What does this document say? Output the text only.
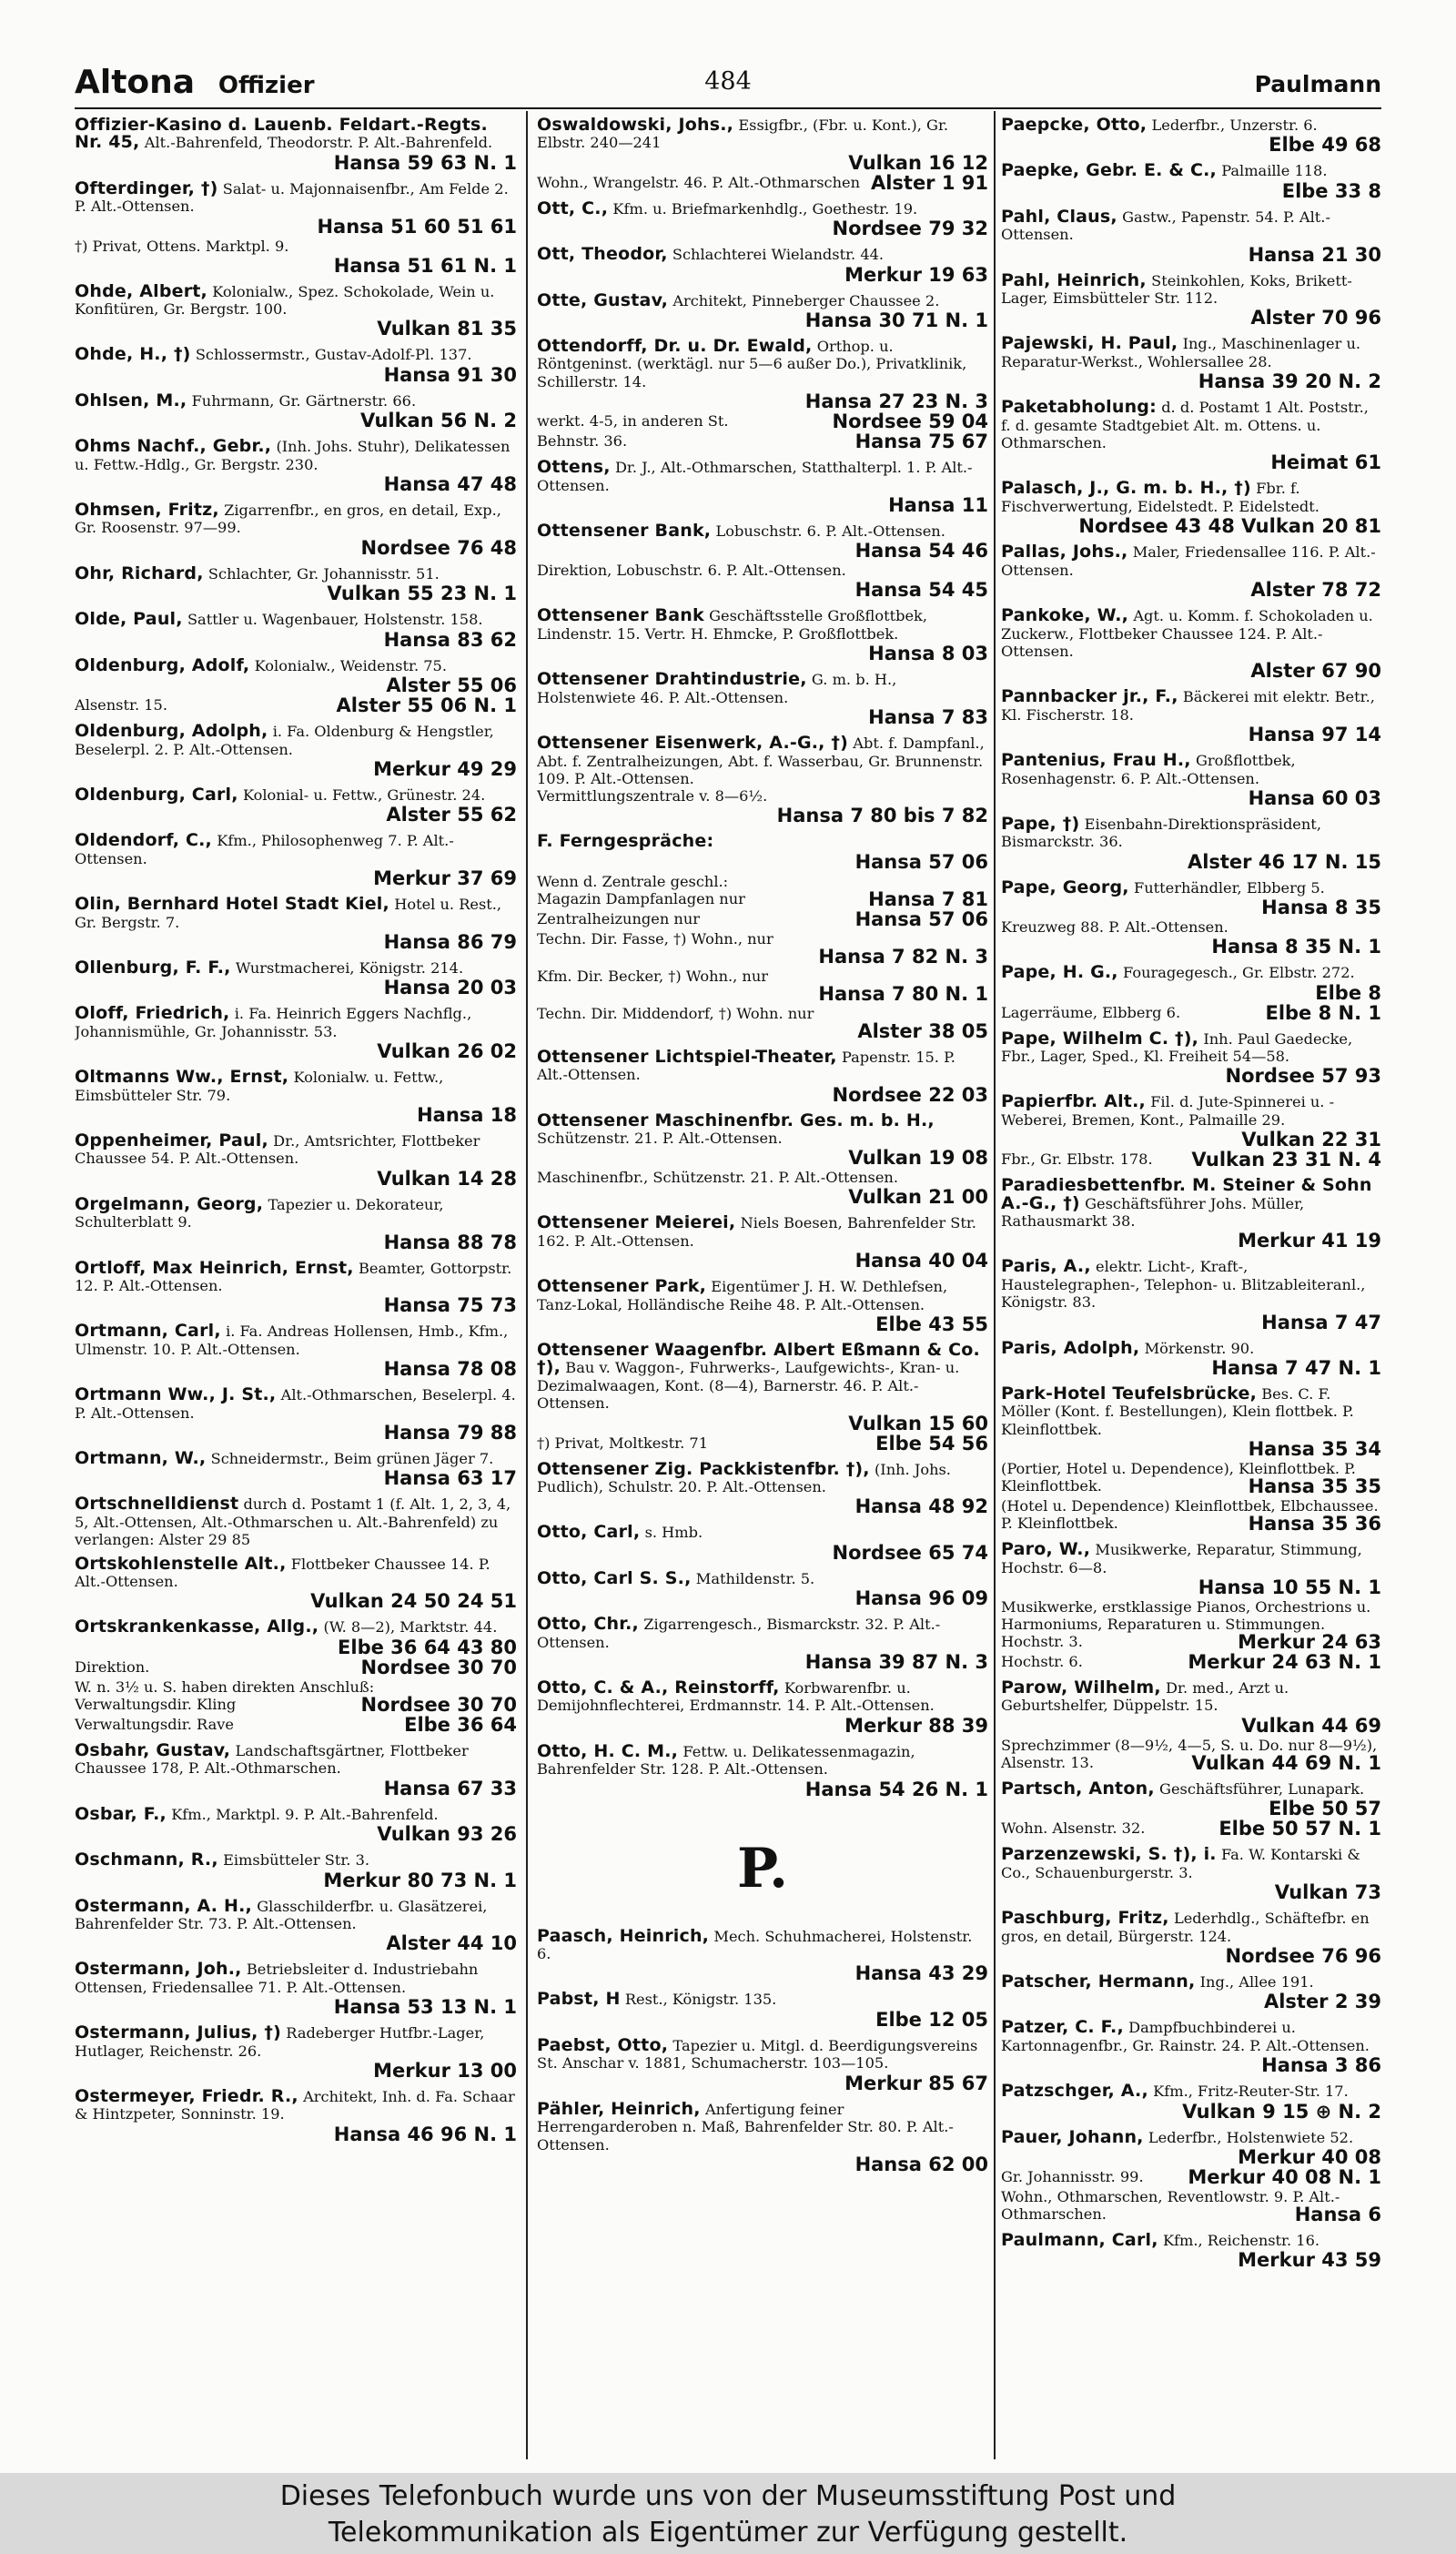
Altona Offizier	484	Paulmann
Offizier-Kasino d. Lauenb. Feldart.-Regts. Nr. 45, Alt.-Bahrenfeld, Theodorstr. P. Alt.-Bahrenfeld.
Hansa 59 63 N. 1
Ofterdinger, †) Salat- u. Majonnaisenfbr., Am Felde 2. P. Alt.-Ottensen.
Hansa 51 60 51 61
†) Privat, Ottens. Marktpl. 9.
Hansa 51 61 N. 1
Ohde, Albert, Kolonialw., Spez. Schokolade, Wein u. Konfitüren, Gr. Bergstr. 100.
Vulkan 81 35
Ohde, H., †) Schlossermstr., Gustav-Adolf-Pl. 137.
Hansa 91 30
Ohlsen, M., Fuhrmann, Gr. Gärtnerstr. 66.
Vulkan 56 N. 2
Ohms Nachf., Gebr., (Inh. Johs. Stuhr), Delikatessen u. Fettw.-Hdlg., Gr. Bergstr. 230.
Hansa 47 48
Ohmsen, Fritz, Zigarrenfbr., en gros, en detail, Exp., Gr. Roosenstr. 97—99.
Nordsee 76 48
Ohr, Richard, Schlachter, Gr. Johannisstr. 51.
Vulkan 55 23 N. 1
Olde, Paul, Sattler u. Wagenbauer, Holstenstr. 158.
Hansa 83 62
Oldenburg, Adolf, Kolonialw., Weidenstr. 75.
Alster 55 06
Alsenstr. 15.	Alster 55 06 N. 1
Oldenburg, Adolph, i. Fa. Oldenburg & Hengstler, Beselerpl. 2. P. Alt.-Ottensen.
Merkur 49 29
Oldenburg, Carl, Kolonial- u. Fettw., Grünestr. 24.
Alster 55 62
Oldendorf, C., Kfm., Philosophenweg 7. P. Alt.-Ottensen.
Merkur 37 69
Olin, Bernhard Hotel Stadt Kiel, Hotel u. Rest., Gr. Bergstr. 7.
Hansa 86 79
Ollenburg, F. F., Wurstmacherei, Königstr. 214.
Hansa 20 03
Oloff, Friedrich, i. Fa. Heinrich Eggers Nachflg., Johannismühle, Gr. Johannisstr. 53.
Vulkan 26 02
Oltmanns Ww., Ernst, Kolonialw. u. Fettw., Eimsbütteler Str. 79.
Hansa 18
Oppenheimer, Paul, Dr., Amtsrichter, Flottbeker Chaussee 54. P. Alt.-Ottensen.
Vulkan 14 28
Orgelmann, Georg, Tapezier u. Dekorateur, Schulterblatt 9.
Hansa 88 78
Ortloff, Max Heinrich, Ernst, Beamter, Gottorpstr. 12. P. Alt.-Ottensen.
Hansa 75 73
Ortmann, Carl, i. Fa. Andreas Hollensen, Hmb., Kfm., Ulmenstr. 10. P. Alt.-Ottensen.
Hansa 78 08
Ortmann Ww., J. St., Alt.-Othmarschen, Beselerpl. 4. P. Alt.-Ottensen.
Hansa 79 88
Ortmann, W., Schneidermstr., Beim grünen Jäger 7.
Hansa 63 17
Ortschnelldienst durch d. Postamt 1 (f. Alt. 1, 2, 3, 4, 5, Alt.-Ottensen, Alt.-Othmarschen u. Alt.-Bahrenfeld) zu verlangen: Alster 29 85
Ortskohlenstelle Alt., Flottbeker Chaussee 14. P. Alt.-Ottensen.
Vulkan 24 50 24 51
Ortskrankenkasse, Allg., (W. 8—2), Marktstr. 44.
Elbe 36 64 43 80
Direktion.	Nordsee 30 70
W. n. 3½ u. S. haben direkten Anschluß:
Verwaltungsdir. Kling	Nordsee 30 70
Verwaltungsdir. Rave	Elbe 36 64
Osbahr, Gustav, Landschaftsgärtner, Flottbeker Chaussee 178, P. Alt.-Othmarschen.
Hansa 67 33
Osbar, F., Kfm., Marktpl. 9. P. Alt.-Bahrenfeld.
Vulkan 93 26
Oschmann, R., Eimsbütteler Str. 3.
Merkur 80 73 N. 1
Ostermann, A. H., Glasschilderfbr. u. Glasätzerei, Bahrenfelder Str. 73. P. Alt.-Ottensen.
Alster 44 10
Ostermann, Joh., Betriebsleiter d. Industriebahn Ottensen, Friedensallee 71. P. Alt.-Ottensen.
Hansa 53 13 N. 1
Ostermann, Julius, †) Radeberger Hutfbr.-Lager, Hutlager, Reichenstr. 26.
Merkur 13 00
Ostermeyer, Friedr. R., Architekt, Inh. d. Fa. Schaar & Hintzpeter, Sonninstr. 19.
Hansa 46 96 N. 1
Oswaldowski, Johs., Essigfbr., (Fbr. u. Kont.), Gr. Elbstr. 240—241
Vulkan 16 12
Wohn., Wrangelstr. 46. P. Alt.-Othmarschen Alster 1 91
Ott, C., Kfm. u. Briefmarkenhdlg., Goethestr. 19.
Nordsee 79 32
Ott, Theodor, Schlachterei Wielandstr. 44.
Merkur 19 63
Otte, Gustav, Architekt, Pinneberger Chaussee 2.
Hansa 30 71 N. 1
Ottendorff, Dr. u. Dr. Ewald, Orthop. u. Röntgeninst. (werktägl. nur 5—6 außer Do.), Privatklinik, Schillerstr. 14.
Hansa 27 23 N. 3
werkt. 4-5, in anderen St.	Nordsee 59 04
Behnstr. 36.	Hansa 75 67
Ottens, Dr. J., Alt.-Othmarschen, Statthalterpl. 1. P. Alt.-Ottensen.
Hansa 11
Ottensener Bank, Lobuschstr. 6. P. Alt.-Ottensen.
Hansa 54 46
Direktion, Lobuschstr. 6. P. Alt.-Ottensen.
Hansa 54 45
Ottensener Bank Geschäftsstelle Großflottbek, Lindenstr. 15. Vertr. H. Ehmcke, P. Großflottbek.
Hansa 8 03
Ottensener Drahtindustrie, G. m. b. H., Holstenwiete 46. P. Alt.-Ottensen.
Hansa 7 83
Ottensener Eisenwerk, A.-G., †) Abt. f. Dampfanl., Abt. f. Zentralheizungen, Abt. f. Wasserbau, Gr. Brunnenstr. 109. P. Alt.-Ottensen.
Vermittlungszentrale v. 8—6½.
Hansa 7 80 bis 7 82
F. Ferngespräche:
Hansa 57 06
Wenn d. Zentrale geschl.:
Magazin Dampfanlagen nur	Hansa 7 81
Zentralheizungen nur	Hansa 57 06
Techn. Dir. Fasse, †) Wohn., nur
Hansa 7 82 N. 3
Kfm. Dir. Becker, †) Wohn., nur
Hansa 7 80 N. 1
Techn. Dir. Middendorf, †) Wohn. nur
Alster 38 05
Ottensener Lichtspiel-Theater, Papenstr. 15. P. Alt.-Ottensen.
Nordsee 22 03
Ottensener Maschinenfbr. Ges. m. b. H., Schützenstr. 21. P. Alt.-Ottensen.
Vulkan 19 08
Maschinenfbr., Schützenstr. 21. P. Alt.-Ottensen.
Vulkan 21 00
Ottensener Meierei, Niels Boesen, Bahrenfelder Str. 162. P. Alt.-Ottensen.
Hansa 40 04
Ottensener Park, Eigentümer J. H. W. Dethlefsen, Tanz-Lokal, Holländische Reihe 48. P. Alt.-Ottensen.
Elbe 43 55
Ottensener Waagenfbr. Albert Eßmann & Co. †), Bau v. Waggon-, Fuhrwerks-, Laufgewichts-, Kran- u. Dezimalwaagen, Kont. (8—4), Barnerstr. 46. P. Alt.-Ottensen.
Vulkan 15 60
†) Privat, Moltkestr. 71	Elbe 54 56
Ottensener Zig. Packkistenfbr. †), (Inh. Johs. Pudlich), Schulstr. 20. P. Alt.-Ottensen.
Hansa 48 92
Otto, Carl, s. Hmb.
Nordsee 65 74
Otto, Carl S. S., Mathildenstr. 5.
Hansa 96 09
Otto, Chr., Zigarrengesch., Bismarckstr. 32. P. Alt.-Ottensen.
Hansa 39 87 N. 3
Otto, C. & A., Reinstorff, Korbwarenfbr. u. Demijohnflechterei, Erdmannstr. 14. P. Alt.-Ottensen.
Merkur 88 39
Otto, H. C. M., Fettw. u. Delikatessenmagazin, Bahrenfelder Str. 128. P. Alt.-Ottensen.
Hansa 54 26 N. 1
P.
Paasch, Heinrich, Mech. Schuhmacherei, Holstenstr. 6.
Hansa 43 29
Pabst, H Rest., Königstr. 135.
Elbe 12 05
Paebst, Otto, Tapezier u. Mitgl. d. Beerdigungsvereins St. Anschar v. 1881, Schumacherstr. 103—105.
Merkur 85 67
Pähler, Heinrich, Anfertigung feiner Herrengarderoben n. Maß, Bahrenfelder Str. 80. P. Alt.-Ottensen.
Hansa 62 00
Paepcke, Otto, Lederfbr., Unzerstr. 6.
Elbe 49 68
Paepke, Gebr. E. & C., Palmaille 118.
Elbe 33 8
Pahl, Claus, Gastw., Papenstr. 54. P. Alt.-Ottensen.
Hansa 21 30
Pahl, Heinrich, Steinkohlen, Koks, Brikett-Lager, Eimsbütteler Str. 112.
Alster 70 96
Pajewski, H. Paul, Ing., Maschinenlager u. Reparatur-Werkst., Wohlersallee 28.
Hansa 39 20 N. 2
Paketabholung: d. d. Postamt 1 Alt. Poststr., f. d. gesamte Stadtgebiet Alt. m. Ottens. u. Othmarschen.
Heimat 61
Palasch, J., G. m. b. H., †) Fbr. f. Fischverwertung, Eidelstedt. P. Eidelstedt.
Nordsee 43 48 Vulkan 20 81
Pallas, Johs., Maler, Friedensallee 116. P. Alt.-Ottensen.
Alster 78 72
Pankoke, W., Agt. u. Komm. f. Schokoladen u. Zuckerw., Flottbeker Chaussee 124. P. Alt.-Ottensen.
Alster 67 90
Pannbacker jr., F., Bäckerei mit elektr. Betr., Kl. Fischerstr. 18.
Hansa 97 14
Pantenius, Frau H., Großflottbek, Rosenhagenstr. 6. P. Alt.-Ottensen.
Hansa 60 03
Pape, †) Eisenbahn-Direktionspräsident, Bismarckstr. 36.
Alster 46 17 N. 15
Pape, Georg, Futterhändler, Elbberg 5.
Hansa 8 35
Kreuzweg 88. P. Alt.-Ottensen.
Hansa 8 35 N. 1
Pape, H. G., Fouragegesch., Gr. Elbstr. 272.
Elbe 8
Lagerräume, Elbberg 6.	Elbe 8 N. 1
Pape, Wilhelm C. †), Inh. Paul Gaedecke, Fbr., Lager, Sped., Kl. Freiheit 54—58.
Nordsee 57 93
Papierfbr. Alt., Fil. d. Jute-Spinnerei u. -Weberei, Bremen, Kont., Palmaille 29.
Vulkan 22 31
Fbr., Gr. Elbstr. 178. Vulkan 23 31 N. 4
Paradiesbettenfbr. M. Steiner & Sohn A.-G., †) Geschäftsführer Johs. Müller, Rathausmarkt 38.
Merkur 41 19
Paris, A., elektr. Licht-, Kraft-, Haustelegraphen-, Telephon- u. Blitzableiteranl., Königstr. 83.
Hansa 7 47
Paris, Adolph, Mörkenstr. 90.
Hansa 7 47 N. 1
Park-Hotel Teufelsbrücke, Bes. C. F. Möller (Kont. f. Bestellungen), Klein flottbek. P. Kleinflottbek.
Hansa 35 34
(Portier, Hotel u. Dependence), Kleinflottbek. P. Kleinflottbek.	Hansa 35 35
(Hotel u. Dependence) Kleinflottbek, Elbchaussee. P. Kleinflottbek.	Hansa 35 36
Paro, W., Musikwerke, Reparatur, Stimmung, Hochstr. 6—8.
Hansa 10 55 N. 1
Musikwerke, erstklassige Pianos, Orchestrions u. Harmoniums, Reparaturen u. Stimmungen. Hochstr. 3.	Merkur 24 63
Hochstr. 6.	Merkur 24 63 N. 1
Parow, Wilhelm, Dr. med., Arzt u. Geburtshelfer, Düppelstr. 15.
Vulkan 44 69
Sprechzimmer (8—9½, 4—5, S. u. Do. nur 8—9½), Alsenstr. 13.	Vulkan 44 69 N. 1
Partsch, Anton, Geschäftsführer, Lunapark.
Elbe 50 57
Wohn. Alsenstr. 32.	Elbe 50 57 N. 1
Parzenzewski, S. †), i. Fa. W. Kontarski & Co., Schauenburgerstr. 3.
Vulkan 73
Paschburg, Fritz, Lederhdlg., Schäftefbr. en gros, en detail, Bürgerstr. 124.
Nordsee 76 96
Patscher, Hermann, Ing., Allee 191.
Alster 2 39
Patzer, C. F., Dampfbuchbinderei u. Kartonnagenfbr., Gr. Rainstr. 24. P. Alt.-Ottensen.
Hansa 3 86
Patzschger, A., Kfm., Fritz-Reuter-Str. 17.
Vulkan 9 15 ⊕ N. 2
Pauer, Johann, Lederfbr., Holstenwiete 52.
Merkur 40 08
Gr. Johannisstr. 99. Merkur 40 08 N. 1
Wohn., Othmarschen, Reventlowstr. 9. P. Alt.-Othmarschen.	Hansa 6
Paulmann, Carl, Kfm., Reichenstr. 16.
Merkur 43 59
Dieses Telefonbuch wurde uns von der Museumsstiftung Post und
Telekommunikation als Eigentümer zur Verfügung gestellt.
